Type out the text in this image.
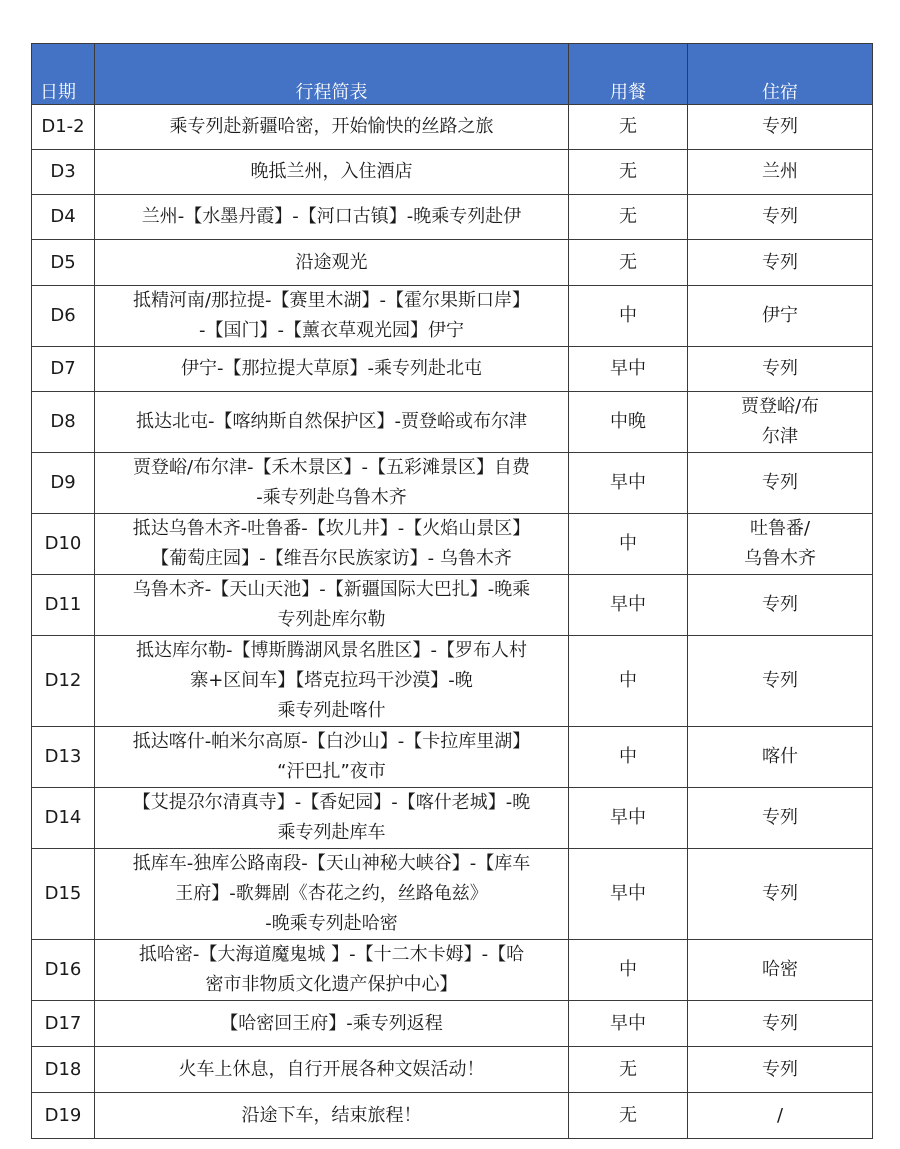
日期	行程简表	用餐	住宿
D1-2	乘专列赴新疆哈密，开始愉快的丝路之旅	无	专列
D3	晚抵兰州，入住酒店	无	兰州
D4	兰州-【水墨丹霞】-【河口古镇】-晚乘专列赴伊	无	专列
D5	沿途观光	无	专列
D6	抵精河南/那拉提-【赛里木湖】-【霍尔果斯口岸】
-【国门】-【薰衣草观光园】伊宁	中	伊宁
D7	伊宁-【那拉提大草原】-乘专列赴北屯	早中	专列
D8	抵达北屯-【喀纳斯自然保护区】-贾登峪或布尔津	中晚	贾登峪/布
尔津
D9	贾登峪/布尔津-【禾木景区】-【五彩滩景区】自费
-乘专列赴乌鲁木齐	早中	专列
D10	抵达乌鲁木齐-吐鲁番-【坎儿井】-【火焰山景区】
【葡萄庄园】-【维吾尔民族家访】- 乌鲁木齐	中	吐鲁番/
乌鲁木齐
D11	乌鲁木齐-【天山天池】-【新疆国际大巴扎】-晚乘
专列赴库尔勒	早中	专列
D12	抵达库尔勒-【博斯腾湖风景名胜区】-【罗布人村
寨+区间车】【塔克拉玛干沙漠】-晚
乘专列赴喀什	中	专列
D13	抵达喀什-帕米尔高原-【白沙山】-【卡拉库里湖】
“汗巴扎”夜市	中	喀什
D14	【艾提尕尔清真寺】-【香妃园】-【喀什老城】-晚
乘专列赴库车	早中	专列
D15	抵库车-独库公路南段-【天山神秘大峡谷】-【库车
王府】-歌舞剧《杏花之约，丝路龟兹》
-晚乘专列赴哈密	早中	专列
D16	抵哈密-【大海道魔鬼城 】-【十二木卡姆】-【哈
密市非物质文化遗产保护中心】	中	哈密
D17	【哈密回王府】-乘专列返程	早中	专列
D18	火车上休息，自行开展各种文娱活动！	无	专列
D19	沿途下车，结束旅程！	无	/
